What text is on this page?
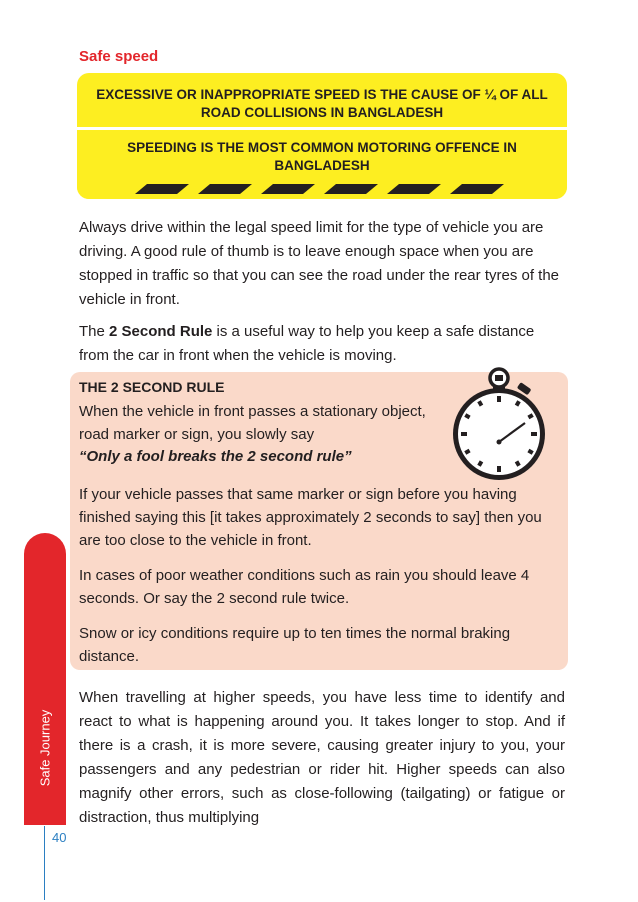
Safe speed
EXCESSIVE OR INAPPROPRIATE SPEED IS THE CAUSE OF ¼ OF ALL ROAD COLLISIONS IN BANGLADESH
SPEEDING IS THE MOST COMMON MOTORING OFFENCE IN BANGLADESH
Always drive within the legal speed limit for the type of vehicle you are driving. A good rule of thumb is to leave enough space when you are stopped in traffic so that you can see the road under the rear tyres of the vehicle in front.
The 2 Second Rule is a useful way to help you keep a safe distance from the car in front when the vehicle is moving.
THE 2 SECOND RULE
When the vehicle in front passes a stationary object, road marker or sign, you slowly say
“Only a fool breaks the 2 second rule”
If your vehicle passes that same marker or sign before you having finished saying this [it takes approximately 2 seconds to say] then you are too close to the vehicle in front.
In cases of poor weather conditions such as rain you should leave 4 seconds. Or say the 2 second rule twice.
Snow or icy conditions require up to ten times the normal braking distance.
When travelling at higher speeds, you have less time to identify and react to what is happening around you. It takes longer to stop. And if there is a crash, it is more severe, causing greater injury to you, your passengers and any pedestrian or rider hit. Higher speeds can also magnify other errors, such as close-following (tailgating) or fatigue or distraction, thus multiplying
Safe Journey
40
